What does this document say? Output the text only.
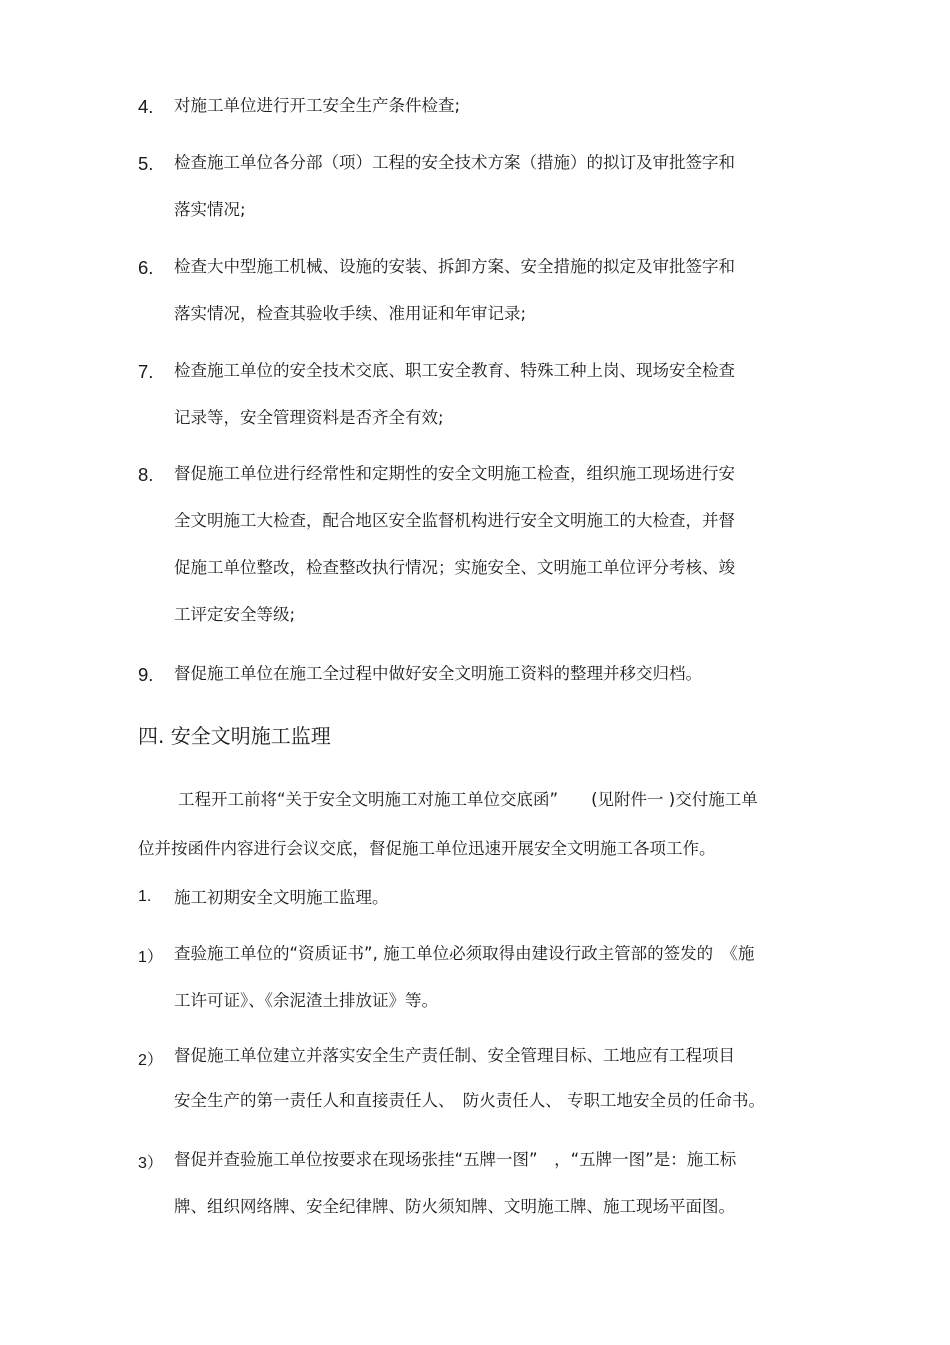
4. 对施工单位进行开工安全生产条件检查;
5. 检查施工单位各分部（项）工程的安全技术方案（措施）的拟订及审批签字和
落实情况;
6. 检查大中型施工机械、设施的安装、拆卸方案、安全措施的拟定及审批签字和
落实情况，检查其验收手续、准用证和年审记录;
7. 检查施工单位的安全技术交底、职工安全教育、特殊工种上岗、现场安全检查
记录等，安全管理资料是否齐全有效;
8. 督促施工单位进行经常性和定期性的安全文明施工检查，组织施工现场进行安
全文明施工大检查，配合地区安全监督机构进行安全文明施工的大检查，并督
促施工单位整改，检查整改执行情况；实施安全、文明施工单位评分考核、竣
工评定安全等级;
9. 督促施工单位在施工全过程中做好安全文明施工资料的整理并移交归档。
四. 安全文明施工监理
工程开工前将“关于安全文明施工对施工单位交底函”　　(见附件一 )交付施工单
位并按函件内容进行会议交底，督促施工单位迅速开展安全文明施工各项工作。
1. 施工初期安全文明施工监理。
1） 查验施工单位的“资质证书”, 施工单位必须取得由建设行政主管部的签发的　《施
工许可证》、《余泥渣土排放证》等。
2） 督促施工单位建立并落实安全生产责任制、安全管理目标、工地应有工程项目
安全生产的第一责任人和直接责任人、　防火责任人、 专职工地安全员的任命书。
3） 督促并查验施工单位按要求在现场张挂“五牌一图”　，“五牌一图”是：施工标
牌、组织网络牌、安全纪律牌、防火须知牌、文明施工牌、施工现场平面图。
